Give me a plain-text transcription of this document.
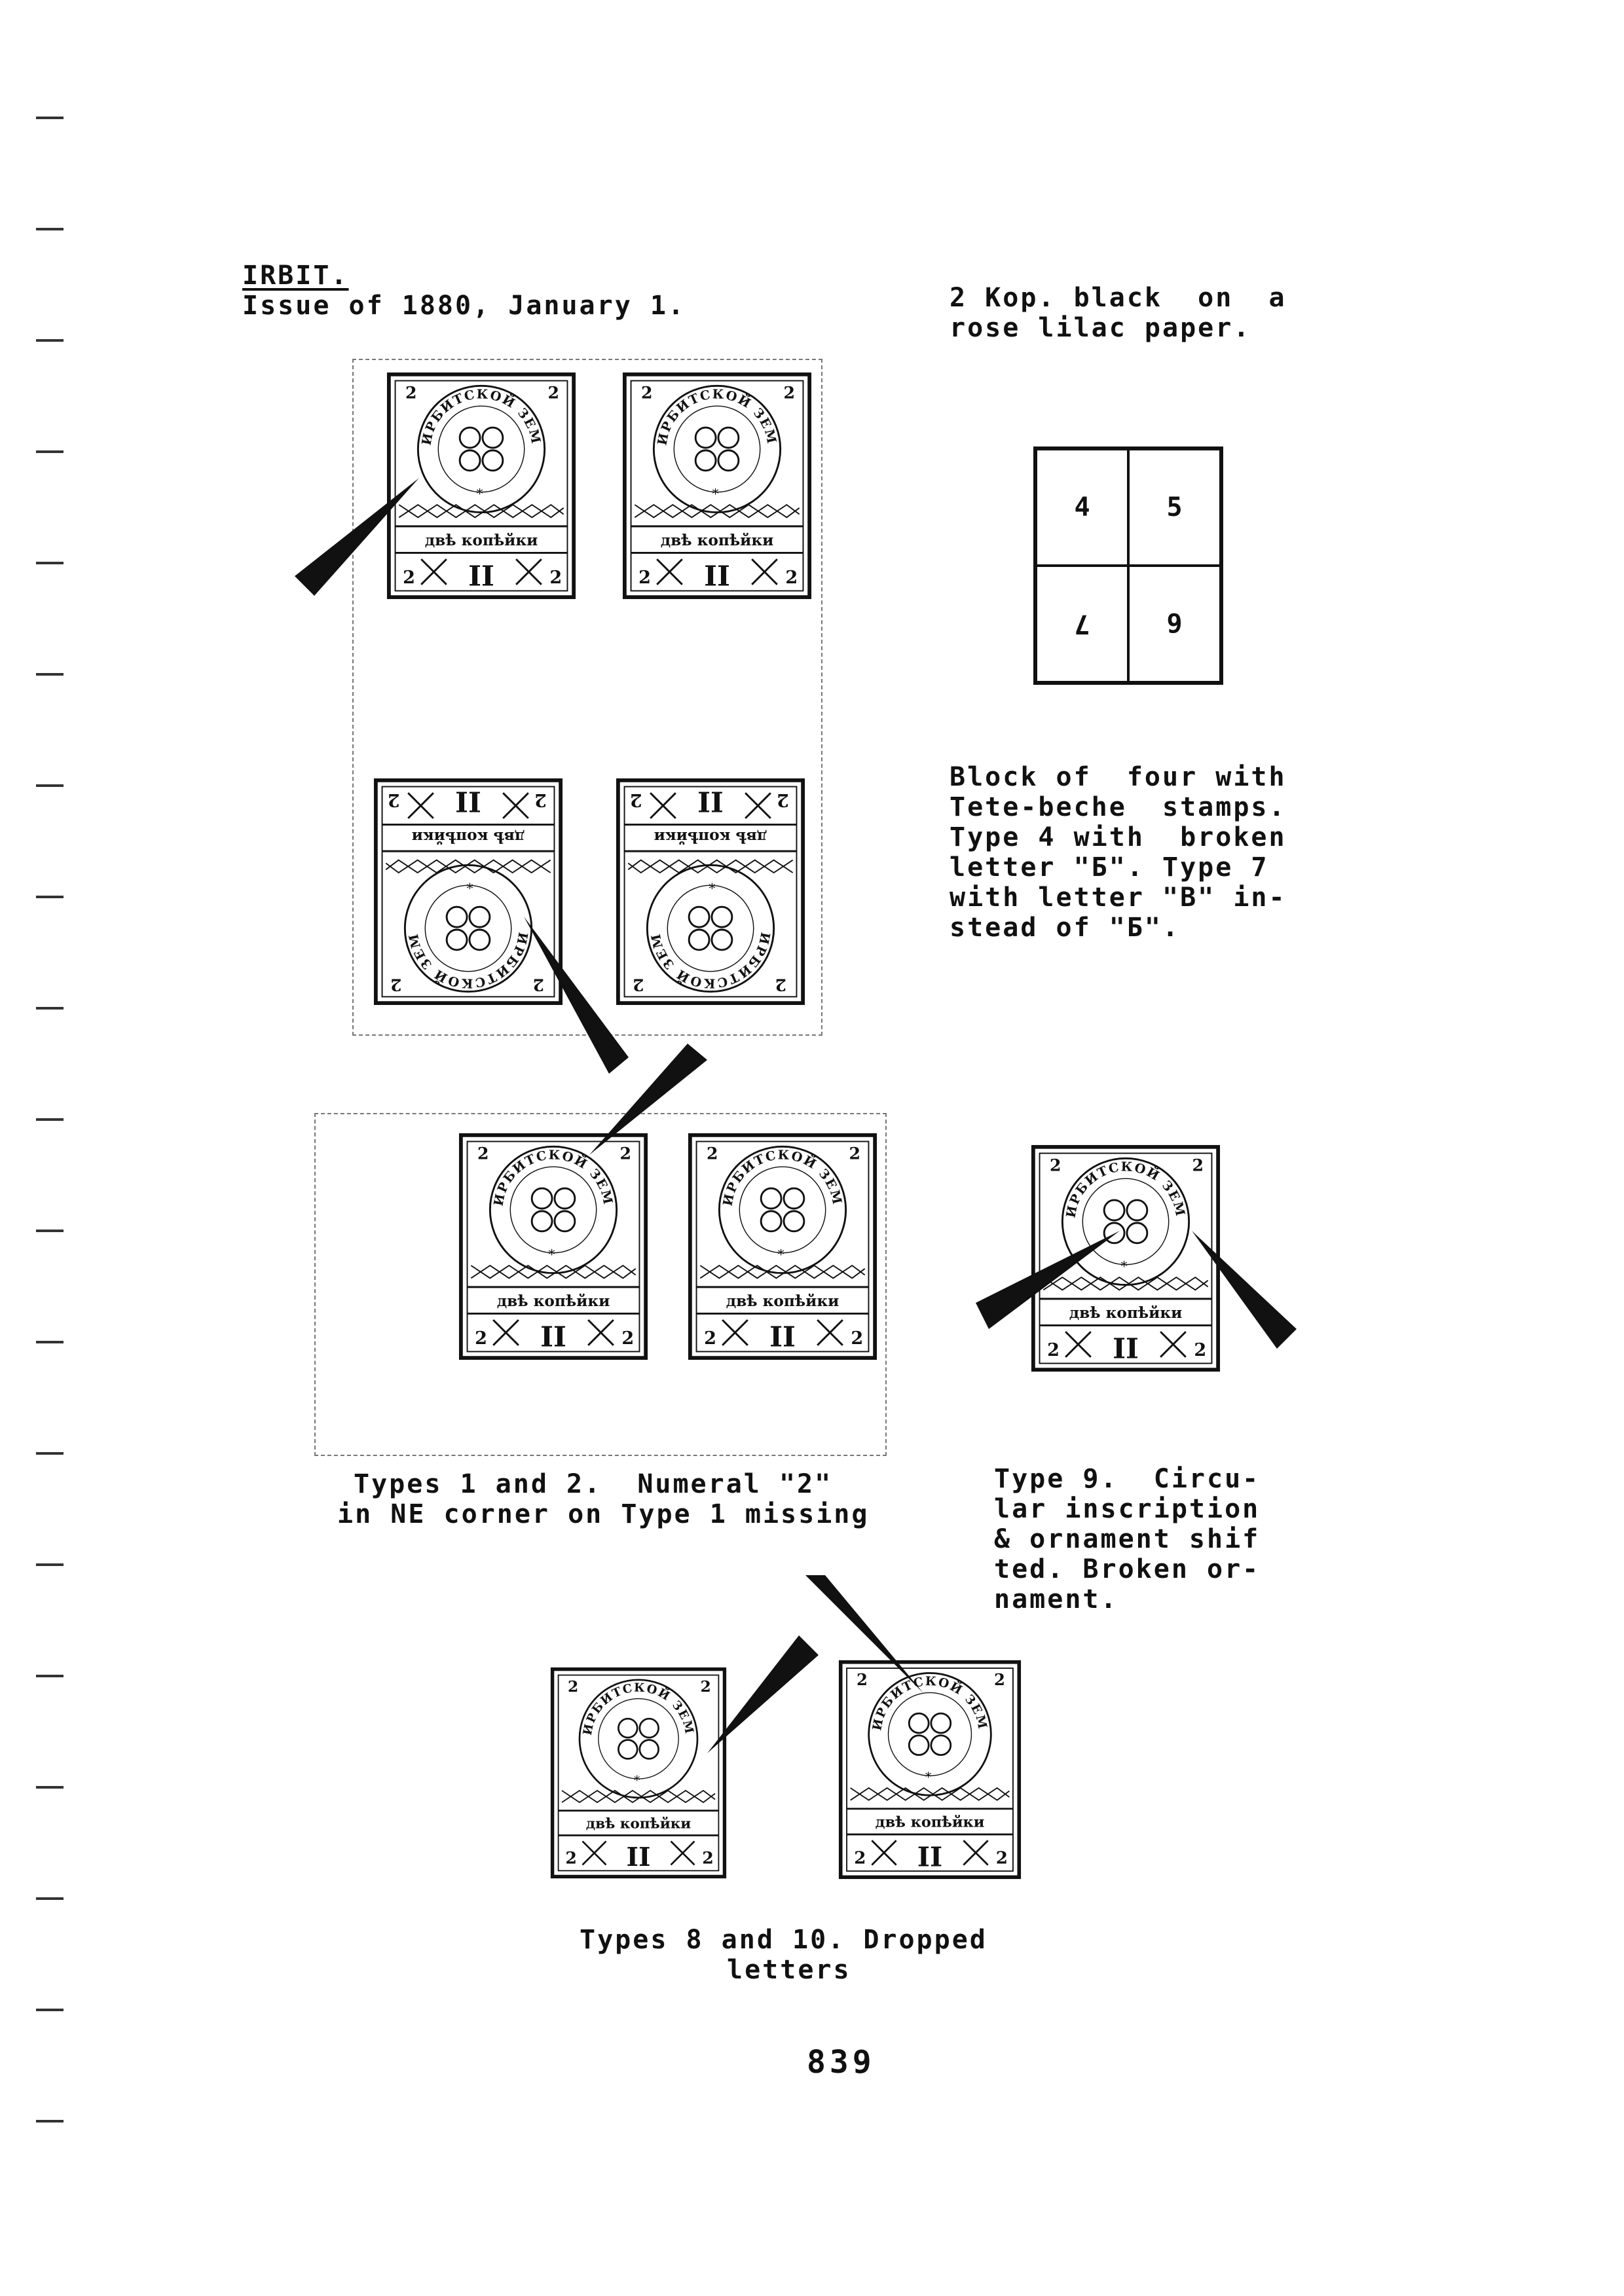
IRBIT.
Issue of 1880, January 1.	2 Kop. black  on  a
rose lilac paper.
4	5
7	9
Block of  four with
Tete-beche  stamps.
Type 4 with  broken
letter "Б". Type 7
with letter "B" in-
stead of "Б".
Types 1 and 2.  Numeral "2"
in NE corner on Type 1 missing
Type 9.  Circu-
lar inscription
& ornament shif
ted. Broken or-
nament.
Types 8 and 10. Dropped
letters
839
